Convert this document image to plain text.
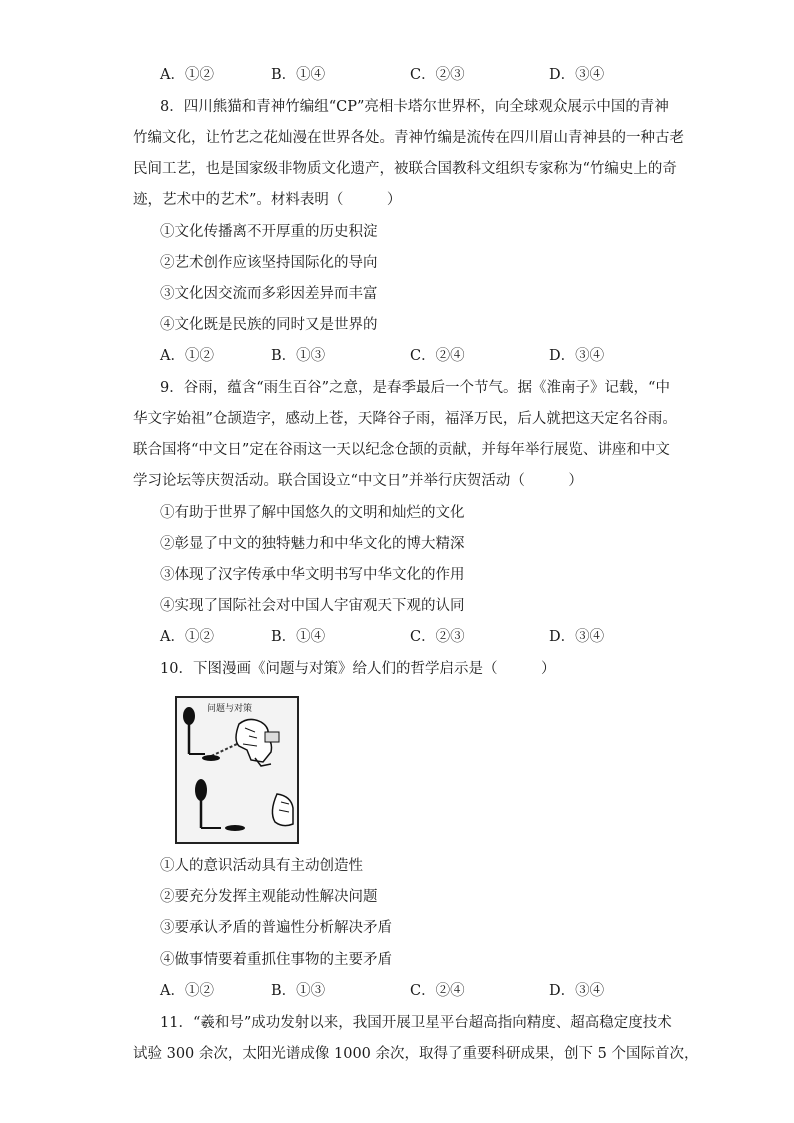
A．①②	B．①④	C．②③	D．③④
8．四川熊猫和青神竹编组“CP”亮相卡塔尔世界杯，向全球观众展示中国的青神
竹编文化，让竹艺之花灿漫在世界各处。青神竹编是流传在四川眉山青神县的一种古老
民间工艺，也是国家级非物质文化遗产，被联合国教科文组织专家称为“竹编史上的奇
迹，艺术中的艺术”。材料表明（　　　）
①文化传播离不开厚重的历史积淀
②艺术创作应该坚持国际化的导向
③文化因交流而多彩因差异而丰富
④文化既是民族的同时又是世界的
A．①②	B．①③	C．②④	D．③④
9．谷雨，蕴含“雨生百谷”之意，是春季最后一个节气。据《淮南子》记载，“中
华文字始祖”仓颉造字，感动上苍，天降谷子雨，福泽万民，后人就把这天定名谷雨。
联合国将“中文日”定在谷雨这一天以纪念仓颉的贡献，并每年举行展览、讲座和中文
学习论坛等庆贺活动。联合国设立“中文日”并举行庆贺活动（　　　）
①有助于世界了解中国悠久的文明和灿烂的文化
②彰显了中文的独特魅力和中华文化的博大精深
③体现了汉字传承中华文明书写中华文化的作用
④实现了国际社会对中国人宇宙观天下观的认同
A．①②	B．①④	C．②③	D．③④
10．下图漫画《问题与对策》给人们的哲学启示是（　　　）
问题与对策
①人的意识活动具有主动创造性
②要充分发挥主观能动性解决问题
③要承认矛盾的普遍性分析解决矛盾
④做事情要着重抓住事物的主要矛盾
A．①②	B．①③	C．②④	D．③④
11．“羲和号”成功发射以来，我国开展卫星平台超高指向精度、超高稳定度技术
试验 300 余次，太阳光谱成像 1000 余次，取得了重要科研成果，创下 5 个国际首次，
